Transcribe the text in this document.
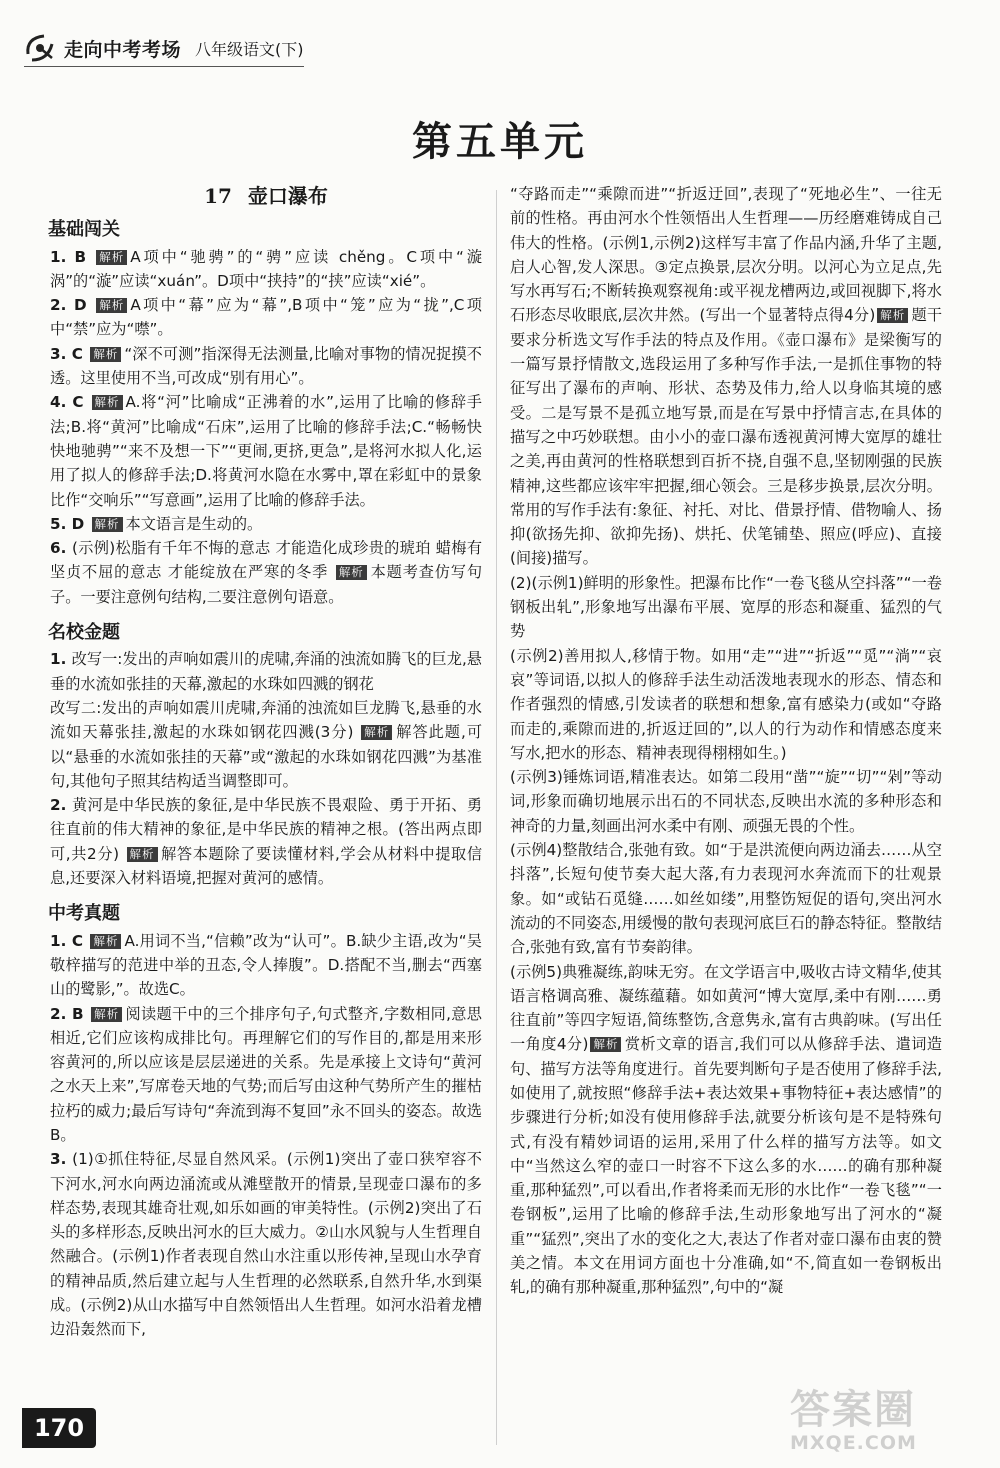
走向中考考场 八年级语文(下)
第五单元
17 壶口瀑布
基础闯关

1. B 解析 A项中“驰骋”的“骋”应读 chěng。C项中“漩涡”的“漩”应读“xuán”。D项中“挟持”的“挟”应读“xié”。

2. D 解析 A项中“幕”应为“幕”,B项中“笼”应为“拢”,C项中“禁”应为“噤”。

3. C 解析 “深不可测”指深得无法测量,比喻对事物的情况捉摸不透。这里使用不当,可改成“别有用心”。

4. C 解析 A.将“河”比喻成“正沸着的水”,运用了比喻的修辞手法;B.将“黄河”比喻成“石床”,运用了比喻的修辞手法;C.“畅畅快快地驰骋”“来不及想一下”“更闹,更挤,更急”,是将河水拟人化,运用了拟人的修辞手法;D.将黄河水隐在水雾中,罩在彩虹中的景象比作“交响乐”“写意画”,运用了比喻的修辞手法。

5. D 解析 本文语言是生动的。

6. (示例)松脂有千年不悔的意志 才能造化成珍贵的琥珀 蜡梅有坚贞不屈的意志 才能绽放在严寒的冬季 解析 本题考查仿写句子。一要注意例句结构,二要注意例句语意。

名校金题

1. 改写一:发出的声响如震川的虎啸,奔涌的浊流如腾飞的巨龙,悬垂的水流如张挂的天幕,激起的水珠如四溅的钢花
改写二:发出的声响如震川虎啸,奔涌的浊流如巨龙腾飞,悬垂的水流如天幕张挂,激起的水珠如钢花四溅(3分) 解析 解答此题,可以“悬垂的水流如张挂的天幕”或“激起的水珠如钢花四溅”为基准句,其他句子照其结构适当调整即可。

2. 黄河是中华民族的象征,是中华民族不畏艰险、勇于开拓、勇往直前的伟大精神的象征,是中华民族的精神之根。(答出两点即可,共2分) 解析 解答本题除了要读懂材料,学会从材料中提取信息,还要深入材料语境,把握对黄河的感情。

中考真题

1. C 解析 A.用词不当,“信赖”改为“认可”。B.缺少主语,改为“吴敬梓描写的范进中举的丑态,令人捧腹”。D.搭配不当,删去“西塞山的鹭影,”。故选C。

2. B 解析 阅读题干中的三个排序句子,句式整齐,字数相同,意思相近,它们应该构成排比句。再理解它们的写作目的,都是用来形容黄河的,所以应该是层层递进的关系。先是承接上文诗句“黄河之水天上来”,写席卷天地的气势;而后写由这种气势所产生的摧枯拉朽的威力;最后写诗句“奔流到海不复回”永不回头的姿态。故选B。

3. (1)①抓住特征,尽显自然风采。(示例1)突出了壶口狭窄容不下河水,河水向两边涌流或从滩壁散开的情景,呈现壶口瀑布的多样态势,表现其雄奇壮观,如乐如画的审美特性。(示例2)突出了石头的多样形态,反映出河水的巨大威力。②山水风貌与人生哲理自然融合。(示例1)作者表现自然山水注重以形传神,呈现山水孕育的精神品质,然后建立起与人生哲理的必然联系,自然升华,水到渠成。(示例2)从山水描写中自然领悟出人生哲理。如河水沿着龙槽边沿轰然而下,

“夺路而走”“乘隙而进”“折返迂回”,表现了“死地必生”、一往无前的性格。再由河水个性领悟出人生哲理——历经磨难铸成自己伟大的性格。(示例1,示例2)这样写丰富了作品内涵,升华了主题,启人心智,发人深思。③定点换景,层次分明。以河心为立足点,先写水再写石;不断转换观察视角:或平视龙槽两边,或回视脚下,将水石形态尽收眼底,层次井然。(写出一个显著特点得4分) 解析 题干要求分析选文写作手法的特点及作用。《壶口瀑布》是梁衡写的一篇写景抒情散文,选段运用了多种写作手法,一是抓住事物的特征写出了瀑布的声响、形状、态势及伟力,给人以身临其境的感受。二是写景不是孤立地写景,而是在写景中抒情言志,在具体的描写之中巧妙联想。由小小的壶口瀑布透视黄河博大宽厚的雄壮之美,再由黄河的性格联想到百折不挠,自强不息,坚韧刚强的民族精神,这些都应该牢牢把握,细心领会。三是移步换景,层次分明。常用的写作手法有:象征、衬托、对比、借景抒情、借物喻人、扬抑(欲扬先抑、欲抑先扬)、烘托、伏笔铺垫、照应(呼应)、直接(间接)描写。

(2)(示例1)鲜明的形象性。把瀑布比作“一卷飞毯从空抖落”“一卷钢板出轧”,形象地写出瀑布平展、宽厚的形态和凝重、猛烈的气势

(示例2)善用拟人,移情于物。如用“走”“进”“折返”“觅”“淌”“哀哀”等词语,以拟人的修辞手法生动活泼地表现水的形态、情态和作者强烈的情感,引发读者的联想和想象,富有感染力(或如“夺路而走的,乘隙而进的,折返迂回的”,以人的行为动作和情感态度来写水,把水的形态、精神表现得栩栩如生。)

(示例3)锤炼词语,精准表达。如第二段用“凿”“旋”“切”“剁”等动词,形象而确切地展示出石的不同状态,反映出水流的多种形态和神奇的力量,刻画出河水柔中有刚、顽强无畏的个性。

(示例4)整散结合,张弛有致。如“于是洪流便向两边涌去……从空抖落”,长短句使节奏大起大落,有力表现河水奔流而下的壮观景象。如“或钻石觅缝……如丝如缕”,用整饬短促的语句,突出河水流动的不同姿态,用缓慢的散句表现河底巨石的静态特征。整散结合,张弛有致,富有节奏韵律。

(示例5)典雅凝练,韵味无穷。在文学语言中,吸收古诗文精华,使其语言格调高雅、凝练蕴藉。如如黄河“博大宽厚,柔中有刚……勇往直前”等四字短语,简练整饬,含意隽永,富有古典韵味。(写出任一角度4分) 解析 赏析文章的语言,我们可以从修辞手法、遣词造句、描写方法等角度进行。首先要判断句子是否使用了修辞手法,如使用了,就按照“修辞手法+表达效果+事物特征+表达感情”的步骤进行分析;如没有使用修辞手法,就要分析该句是不是特殊句式,有没有精妙词语的运用,采用了什么样的描写方法等。如文中“当然这么窄的壶口一时容不下这么多的水……的确有那种凝重,那种猛烈”,可以看出,作者将柔而无形的水比作“一卷飞毯”“一卷钢板”,运用了比喻的修辞手法,生动形象地写出了河水的“凝重”“猛烈”,突出了水的变化之大,表达了作者对壶口瀑布由衷的赞美之情。本文在用词方面也十分准确,如“不,简直如一卷钢板出轧,的确有那种凝重,那种猛烈”,句中的“凝

170	答案圈
MXQE.COM
